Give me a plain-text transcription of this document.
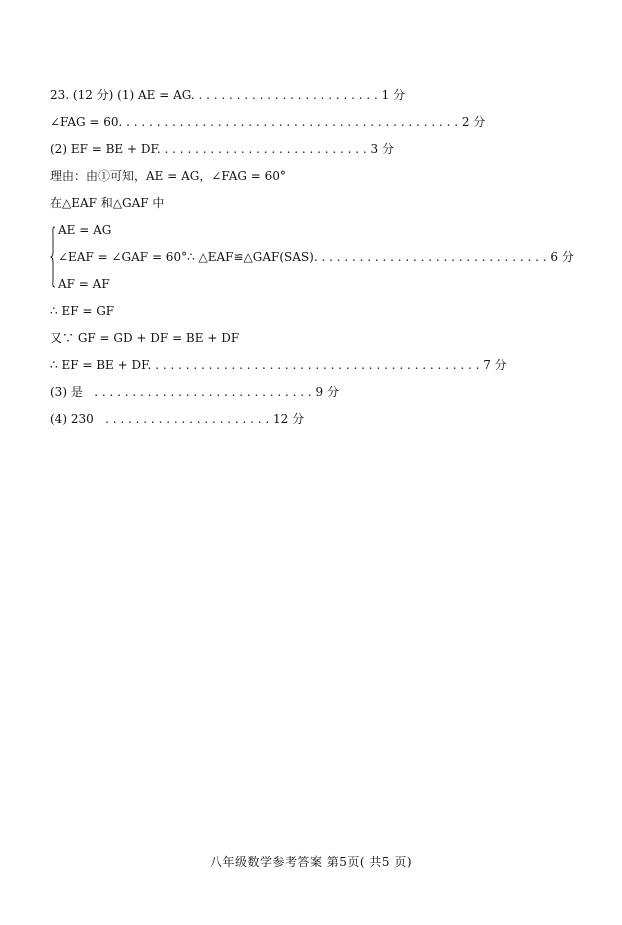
23. (12 分) (1) AE = AG. . . . . . . . . . . . . . . . . . . . . . . . . 1 分
∠FAG = 60. . . . . . . . . . . . . . . . . . . . . . . . . . . . . . . . . . . . . . . . . . . . . 2 分
(2) EF = BE + DF. . . . . . . . . . . . . . . . . . . . . . . . . . . . 3 分
理由：由①可知，AE = AG，∠FAG = 60°
在△EAF 和△GAF 中
AE = AG
∠EAF = ∠GAF = 60°∴ △EAF≌△GAF(SAS). . . . . . . . . . . . . . . . . . . . . . . . . . . . . . . 6 分
AF = AF
∴ EF = GF
又∵ GF = GD + DF = BE + DF
∴ EF = BE + DF. . . . . . . . . . . . . . . . . . . . . . . . . . . . . . . . . . . . . . . . . . . . 7 分
(3) 是   . . . . . . . . . . . . . . . . . . . . . . . . . . . . . 9 分
(4) 230   . . . . . . . . . . . . . . . . . . . . . . 12 分
八年级数学参考答案 第5页( 共5 页)
